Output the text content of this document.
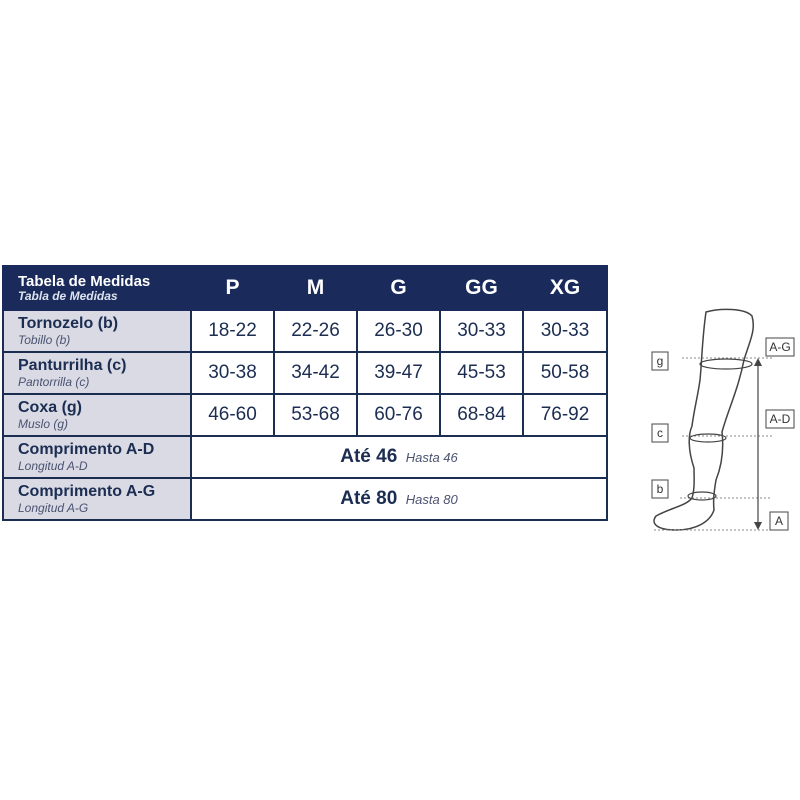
Tabela de Medidas
Tabla de Medidas	P	M	G	GG	XG

Tornozelo (b)
Tobillo (b)	18-22	22-26	26-30	30-33	30-33

Panturrilha (c)
Pantorrilla (c)	30-38	34-42	39-47	45-53	50-58

Coxa (g)
Muslo (g)	46-60	53-68	60-76	68-84	76-92

Comprimento A-D
Longitud A-D	Até 46 Hasta 46				

Comprimento A-G
Longitud A-G	Até 80 Hasta 80				
g
c
b
A-G
A-D
A
